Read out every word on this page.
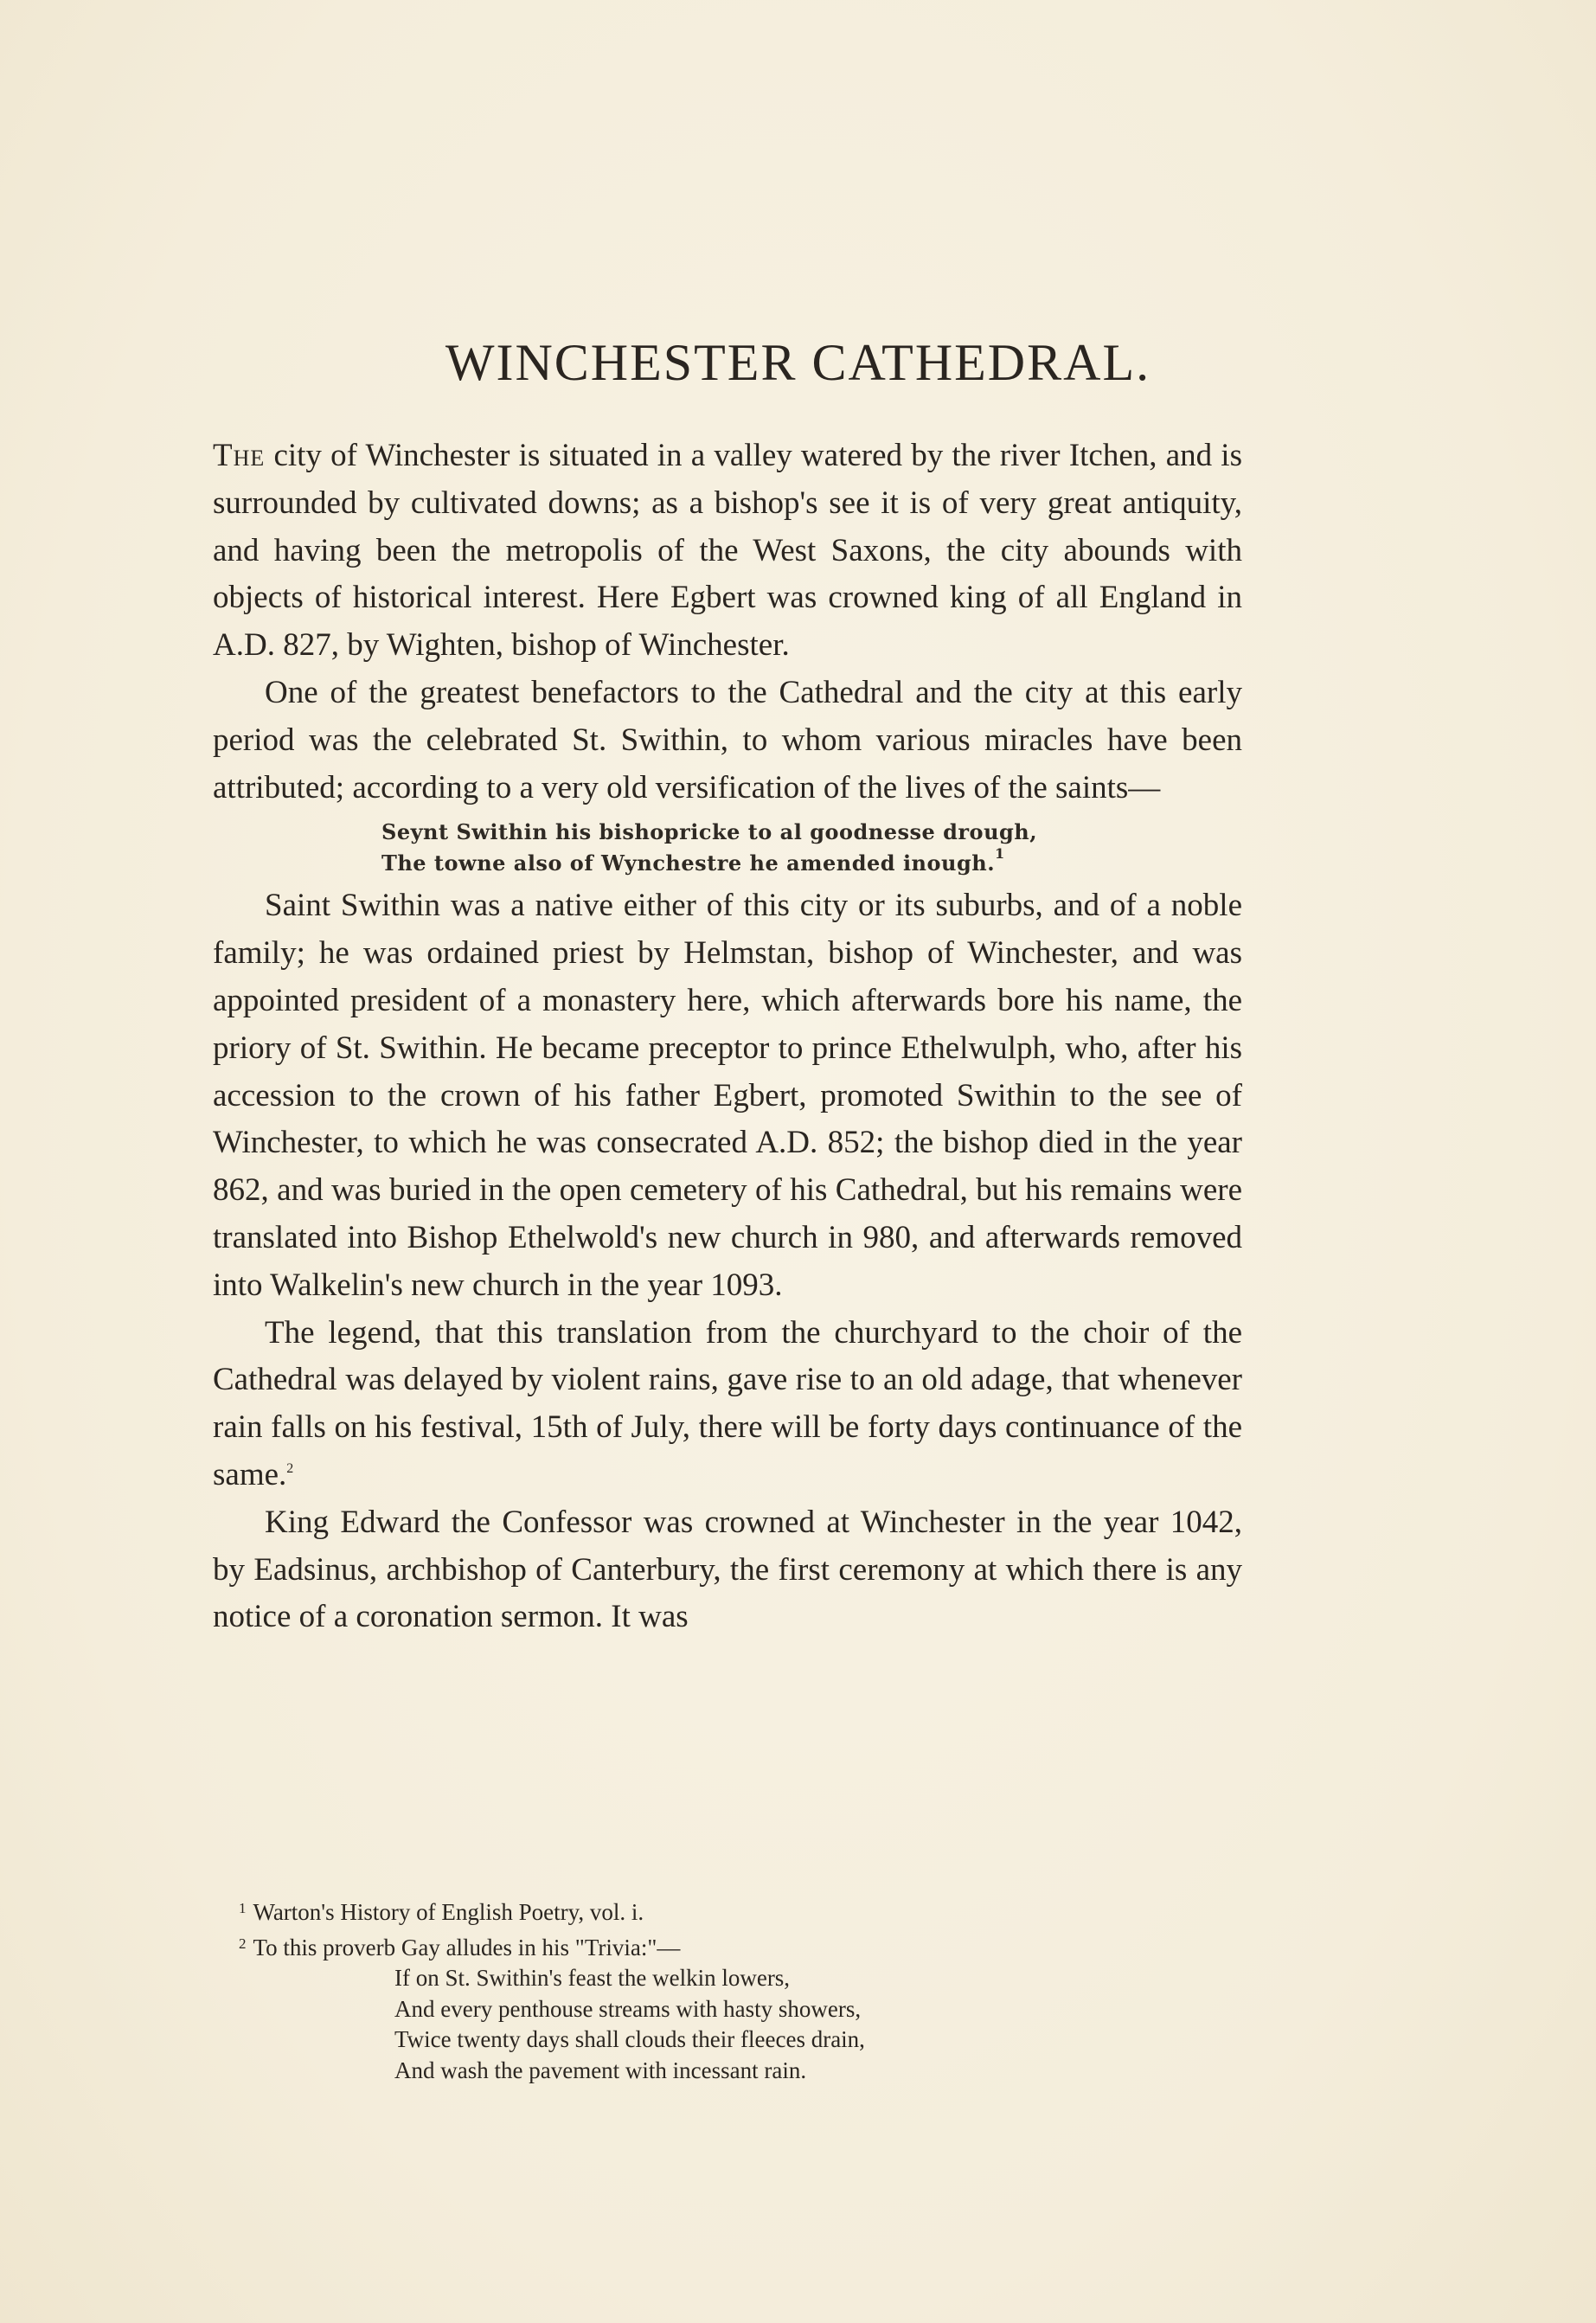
WINCHESTER CATHEDRAL.

The city of Winchester is situated in a valley watered by the river Itchen, and is surrounded by cultivated downs; as a bishop's see it is of very great antiquity, and having been the metropolis of the West Saxons, the city abounds with objects of historical interest. Here Egbert was crowned king of all England in A.D. 827, by Wighten, bishop of Winchester.

One of the greatest benefactors to the Cathedral and the city at this early period was the celebrated St. Swithin, to whom various miracles have been attributed; according to a very old versification of the lives of the saints—

Seynt Swithin his bishopricke to al goodnesse drough,
The towne also of Wynchestre he amended inough.$^1$

Saint Swithin was a native either of this city or its suburbs, and of a noble family; he was ordained priest by Helmstan, bishop of Winchester, and was appointed president of a monastery here, which afterwards bore his name, the priory of St. Swithin. He became preceptor to prince Ethelwulph, who, after his accession to the crown of his father Egbert, promoted Swithin to the see of Winchester, to which he was consecrated A.D. 852; the bishop died in the year 862, and was buried in the open cemetery of his Cathedral, but his remains were translated into Bishop Ethelwold's new church in 980, and afterwards removed into Walkelin's new church in the year 1093.

The legend, that this translation from the churchyard to the choir of the Cathedral was delayed by violent rains, gave rise to an old adage, that whenever rain falls on his festival, 15th of July, there will be forty days continuance of the same.$^2$

King Edward the Confessor was crowned at Winchester in the year 1042, by Eadsinus, archbishop of Canterbury, the first ceremony at which there is any notice of a coronation sermon. It was

$^1$ Warton's History of English Poetry, vol. i.
$^2$ To this proverb Gay alludes in his "Trivia:"—
If on St. Swithin's feast the welkin lowers,
And every penthouse streams with hasty showers,
Twice twenty days shall clouds their fleeces drain,
And wash the pavement with incessant rain.
